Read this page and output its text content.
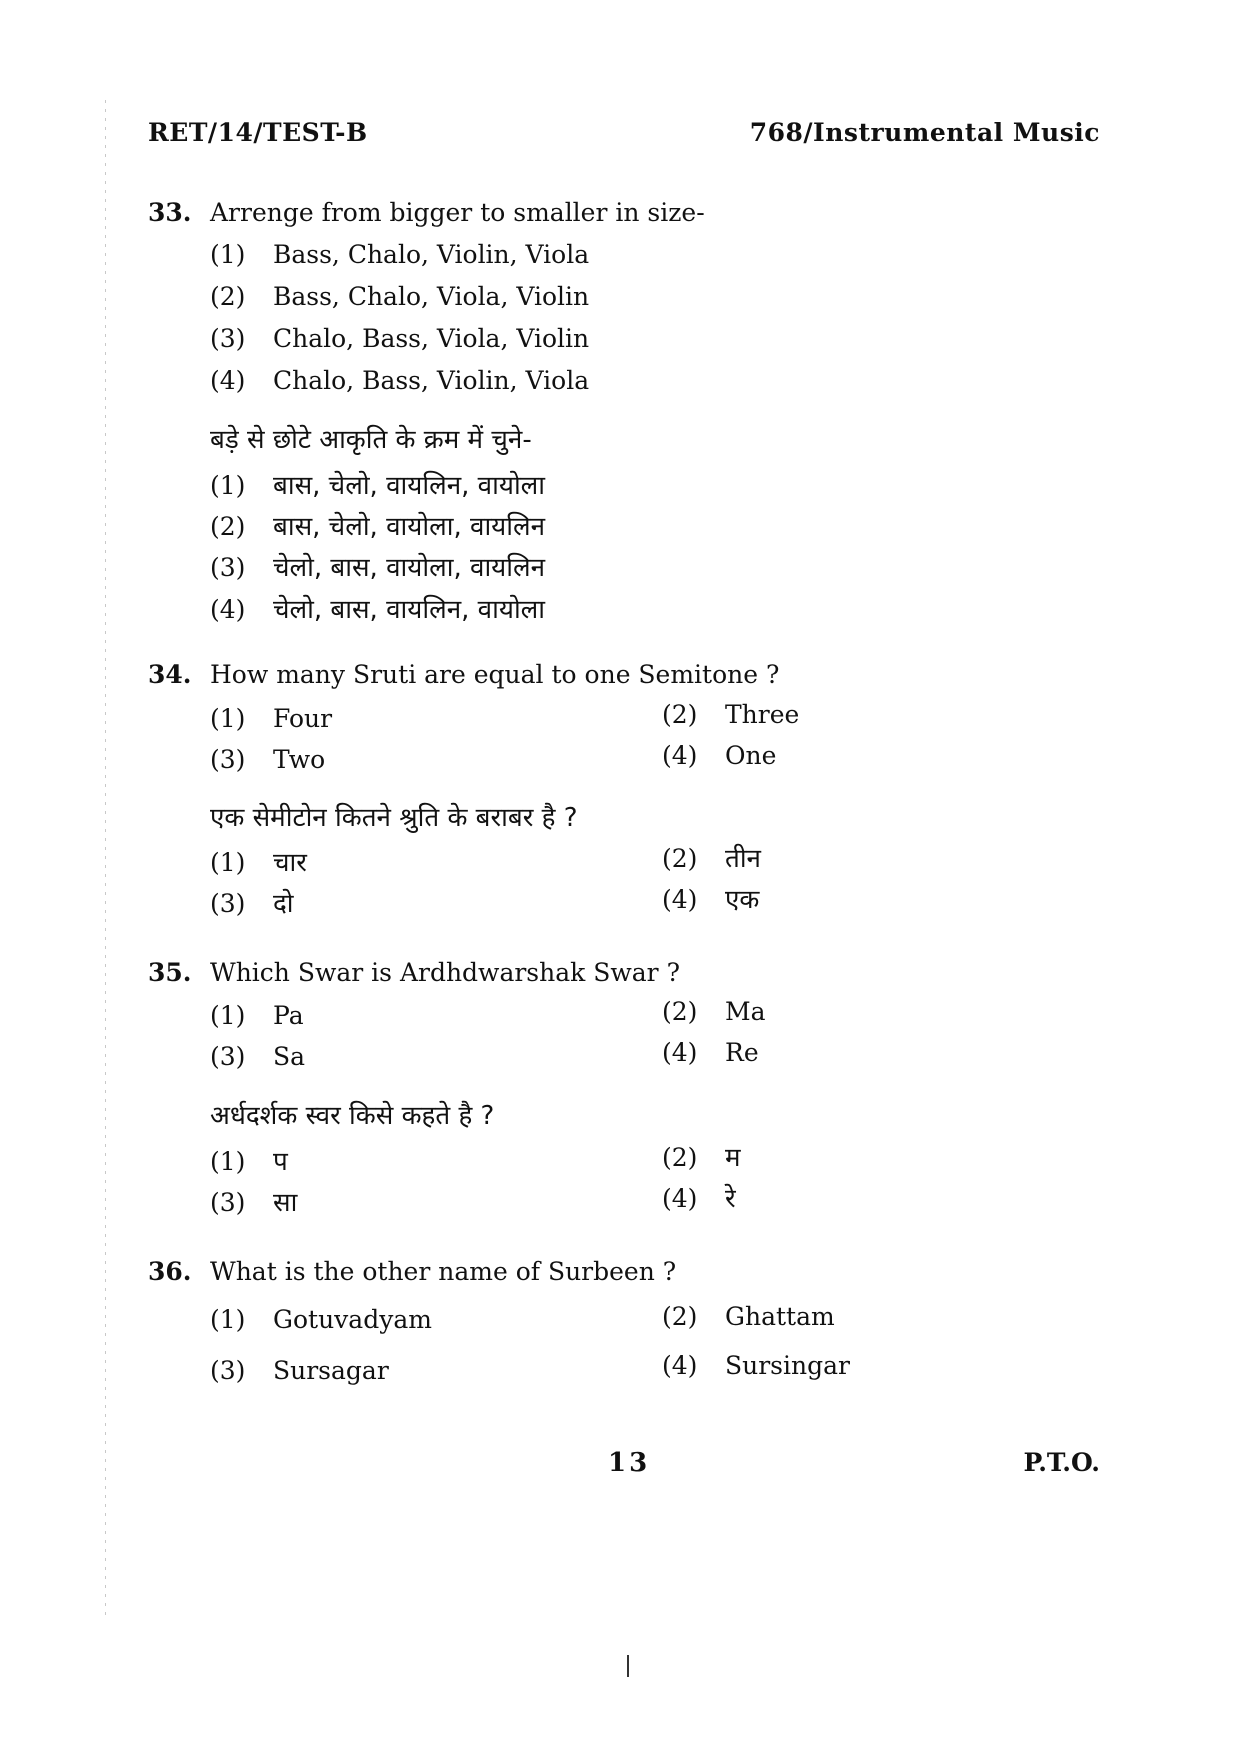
RET/14/TEST-B	768/Instrumental Music
33. Arrenge from bigger to smaller in size-
(1) Bass, Chalo, Violin, Viola
(2) Bass, Chalo, Viola, Violin
(3) Chalo, Bass, Viola, Violin
(4) Chalo, Bass, Violin, Viola
बड़े से छोटे आकृति के क्रम में चुने-
(1) बास, चेलो, वायलिन, वायोला
(2) बास, चेलो, वायोला, वायलिन
(3) चेलो, बास, वायोला, वायलिन
(4) चेलो, बास, वायलिन, वायोला
34. How many Sruti are equal to one Semitone ?
(1) Four	(2) Three
(3) Two	(4) One
एक सेमीटोन कितने श्रुति के बराबर है ?
(1) चार	(2) तीन
(3) दो	(4) एक
35. Which Swar is Ardhdwarshak Swar ?
(1) Pa	(2) Ma
(3) Sa	(4) Re
अर्धदर्शक स्वर किसे कहते है ?
(1) प	(2) म
(3) सा	(4) रे
36. What is the other name of Surbeen ?
(1) Gotuvadyam	(2) Ghattam
(3) Sursagar	(4) Sursingar
13	P.T.O.
